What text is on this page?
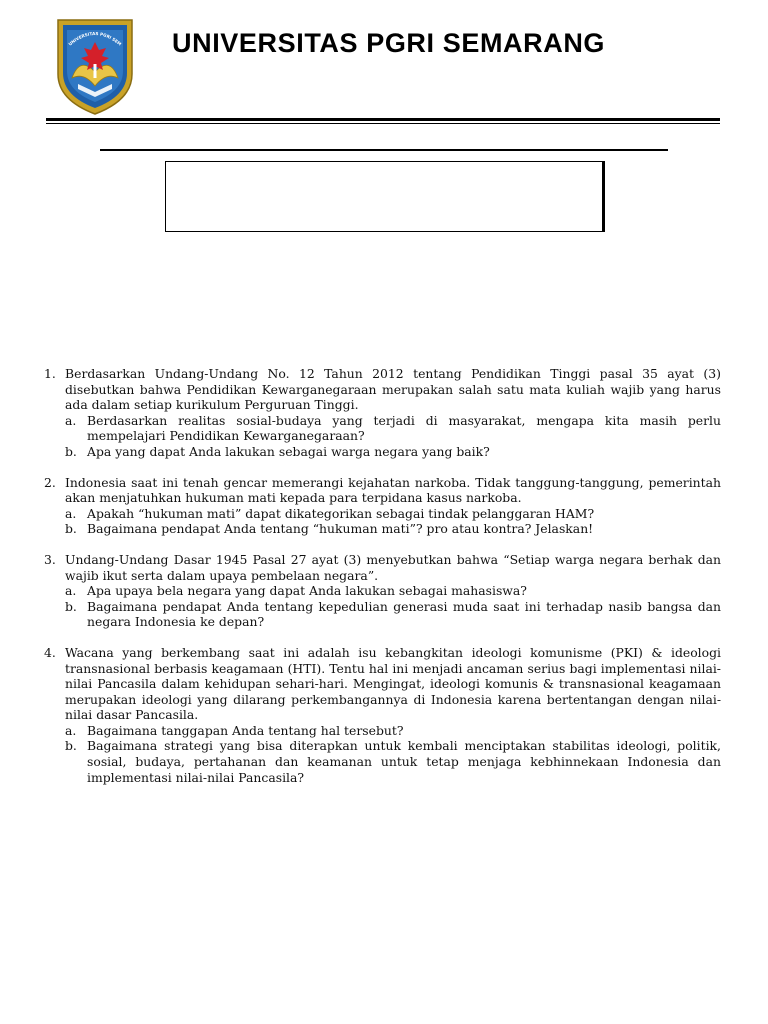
UNIVERSITAS PGRI SEM UNIVERSITAS PGRI SEMARANG
1. Berdasarkan Undang-Undang No. 12 Tahun 2012 tentang Pendidikan Tinggi pasal 35 ayat (3) disebutkan bahwa Pendidikan Kewarganegaraan merupakan salah satu mata kuliah wajib yang harus ada dalam setiap kurikulum Perguruan Tinggi.
a. Berdasarkan realitas sosial-budaya yang terjadi di masyarakat, mengapa kita masih perlu mempelajari Pendidikan Kewarganegaraan?
b. Apa yang dapat Anda lakukan sebagai warga negara yang baik?
2. Indonesia saat ini tenah gencar memerangi kejahatan narkoba. Tidak tanggung-tanggung, pemerintah akan menjatuhkan hukuman mati kepada para terpidana kasus narkoba.
a. Apakah “hukuman mati” dapat dikategorikan sebagai tindak pelanggaran HAM?
b. Bagaimana pendapat Anda tentang “hukuman mati”? pro atau kontra? Jelaskan!
3. Undang-Undang Dasar 1945 Pasal 27 ayat (3) menyebutkan bahwa “Setiap warga negara berhak dan wajib ikut serta dalam upaya pembelaan negara”.
a. Apa upaya bela negara yang dapat Anda lakukan sebagai mahasiswa?
b. Bagaimana pendapat Anda tentang kepedulian generasi muda saat ini terhadap nasib bangsa dan negara Indonesia ke depan?
4. Wacana yang berkembang saat ini adalah isu kebangkitan ideologi komunisme (PKI) & ideologi transnasional berbasis keagamaan (HTI). Tentu hal ini menjadi ancaman serius bagi implementasi nilai-nilai Pancasila dalam kehidupan sehari-hari. Mengingat, ideologi komunis & transnasional keagamaan merupakan ideologi yang dilarang perkembangannya di Indonesia karena bertentangan dengan nilai-nilai dasar Pancasila.
a. Bagaimana tanggapan Anda tentang hal tersebut?
b. Bagaimana strategi yang bisa diterapkan untuk kembali menciptakan stabilitas ideologi, politik, sosial, budaya, pertahanan dan keamanan untuk tetap menjaga kebhinnekaan Indonesia dan implementasi nilai-nilai Pancasila?
